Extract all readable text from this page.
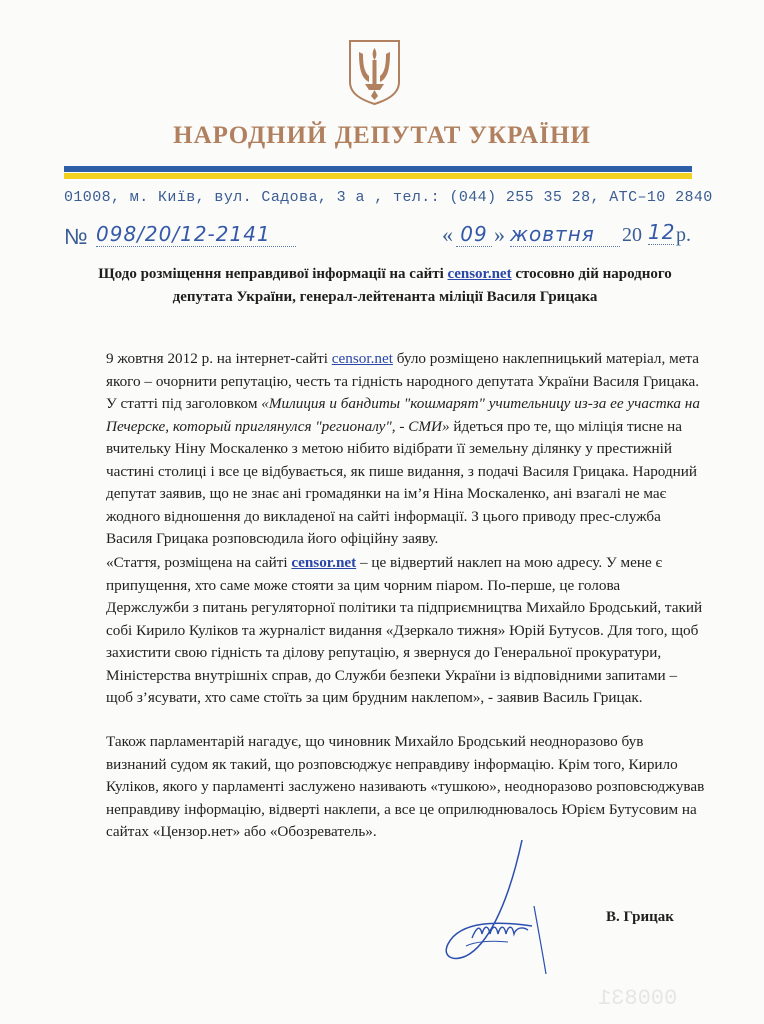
НАРОДНИЙ ДЕПУТАТ УКРАЇНИ
01008, м. Київ, вул. Садова, 3 а , тел.: (044) 255 35 28, АТС–10 2840
№ 098/20/12-2141	« 09 » жовтня	20 12 р.
Щодо розміщення неправдивої інформації на сайті censor.net стосовно дій народного депутата України, генерал-лейтенанта міліції Василя Грицака
9 жовтня 2012 р. на інтернет-сайті censor.net було розміщено наклепницький матеріал, мета якого – очорнити репутацію, честь та гідність народного депутата України Василя Грицака. У статті під заголовком «Милиция и бандиты "кошмарят" учительницу из-за ее участка на Печерске, который приглянулся "регионалу", - СМИ» йдеться про те, що міліція тисне на вчительку Ніну Москаленко з метою нібито відібрати її земельну ділянку у престижній частині столиці і все це відбувається, як пише видання, з подачі Василя Грицака. Народний депутат заявив, що не знає ані громадянки на ім’я Ніна Москаленко, ані взагалі не має жодного відношення до викладеної на сайті інформації. З цього приводу прес-служба Василя Грицака розповсюдила його офіційну заяву.
«Стаття, розміщена на сайті censor.net – це відвертий наклеп на мою адресу. У мене є припущення, хто саме може стояти за цим чорним піаром. По-перше, це голова Держслужби з питань регуляторної політики та підприємництва Михайло Бродський, такий собі Кирило Куліков та журналіст видання «Дзеркало тижня» Юрій Бутусов. Для того, щоб захистити свою гідність та ділову репутацію, я звернуся до Генеральної прокуратури, Міністерства внутрішніх справ, до Служби безпеки України із відповідними запитами – щоб з’ясувати, хто саме стоїть за цим брудним наклепом», - заявив Василь Грицак.
Також парламентарій нагадує, що чиновник Михайло Бродський неодноразово був визнаний судом як такий, що розповсюджує неправдиву інформацію. Крім того, Кирило Куліков, якого у парламенті заслужено називають «тушкою», неодноразово розповсюджував неправдиву інформацію, відверті наклепи, а все це оприлюднювалось Юрієм Бутусовим на сайтах «Цензор.нет» або «Обозреватель».
В. Грицак
000831
